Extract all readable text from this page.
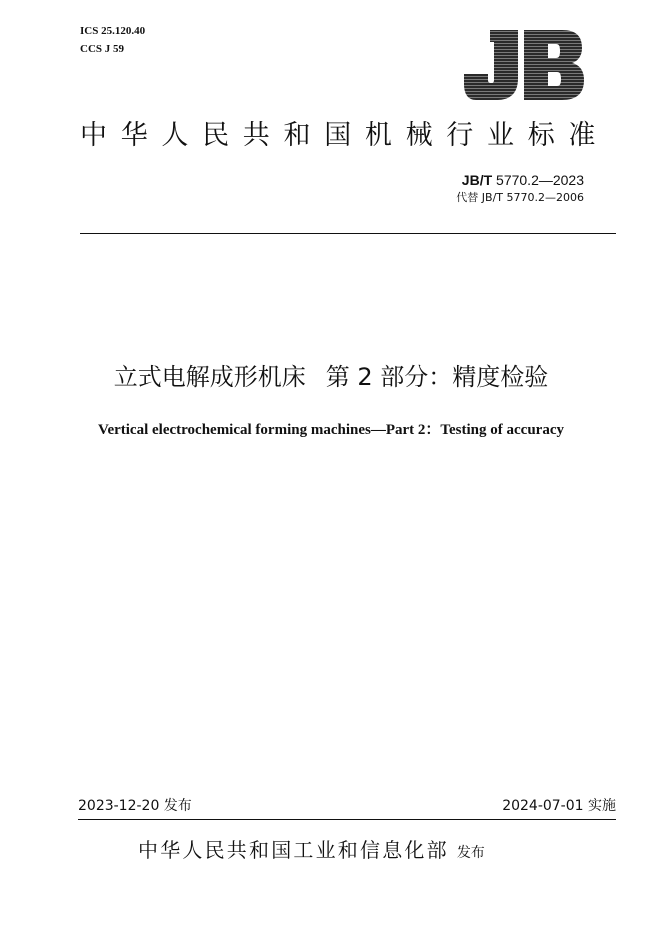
ICS 25.120.40
CCS J 59
中华人民共和国机械行业标准
JB/T 5770.2—2023
代替 JB/T 5770.2—2006
立式电解成形机床 第 2 部分：精度检验
Vertical electrochemical forming machines—Part 2：Testing of accuracy
2023-12-20 发布	2024-07-01 实施
中华人民共和国工业和信息化部 发布
